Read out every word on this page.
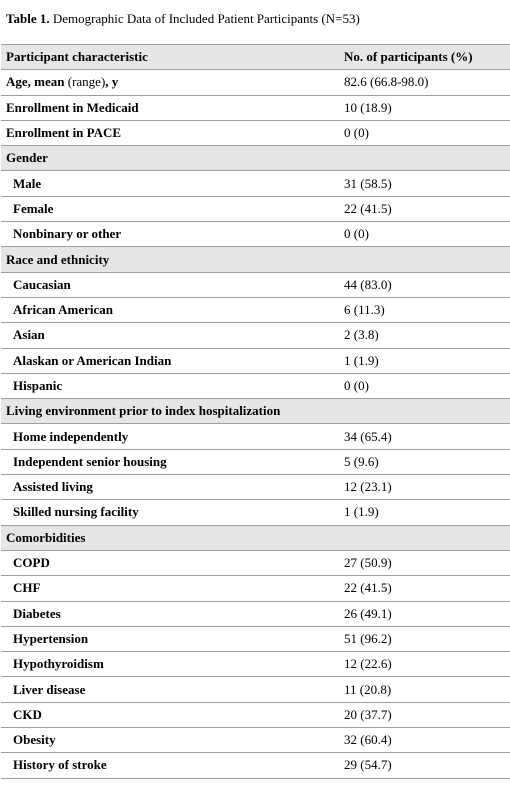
Table 1. Demographic Data of Included Patient Participants (N=53)
Participant characteristic	No. of participants (%)
Age, mean (range), y	82.6 (66.8-98.0)
Enrollment in Medicaid	10 (18.9)
Enrollment in PACE	0 (0)
Gender	
Male	31 (58.5)
Female	22 (41.5)
Nonbinary or other	0 (0)
Race and ethnicity	
Caucasian	44 (83.0)
African American	6 (11.3)
Asian	2 (3.8)
Alaskan or American Indian	1 (1.9)
Hispanic	0 (0)
Living environment prior to index hospitalization	
Home independently	34 (65.4)
Independent senior housing	5 (9.6)
Assisted living	12 (23.1)
Skilled nursing facility	1 (1.9)
Comorbidities	
COPD	27 (50.9)
CHF	22 (41.5)
Diabetes	26 (49.1)
Hypertension	51 (96.2)
Hypothyroidism	12 (22.6)
Liver disease	11 (20.8)
CKD	20 (37.7)
Obesity	32 (60.4)
History of stroke	29 (54.7)
